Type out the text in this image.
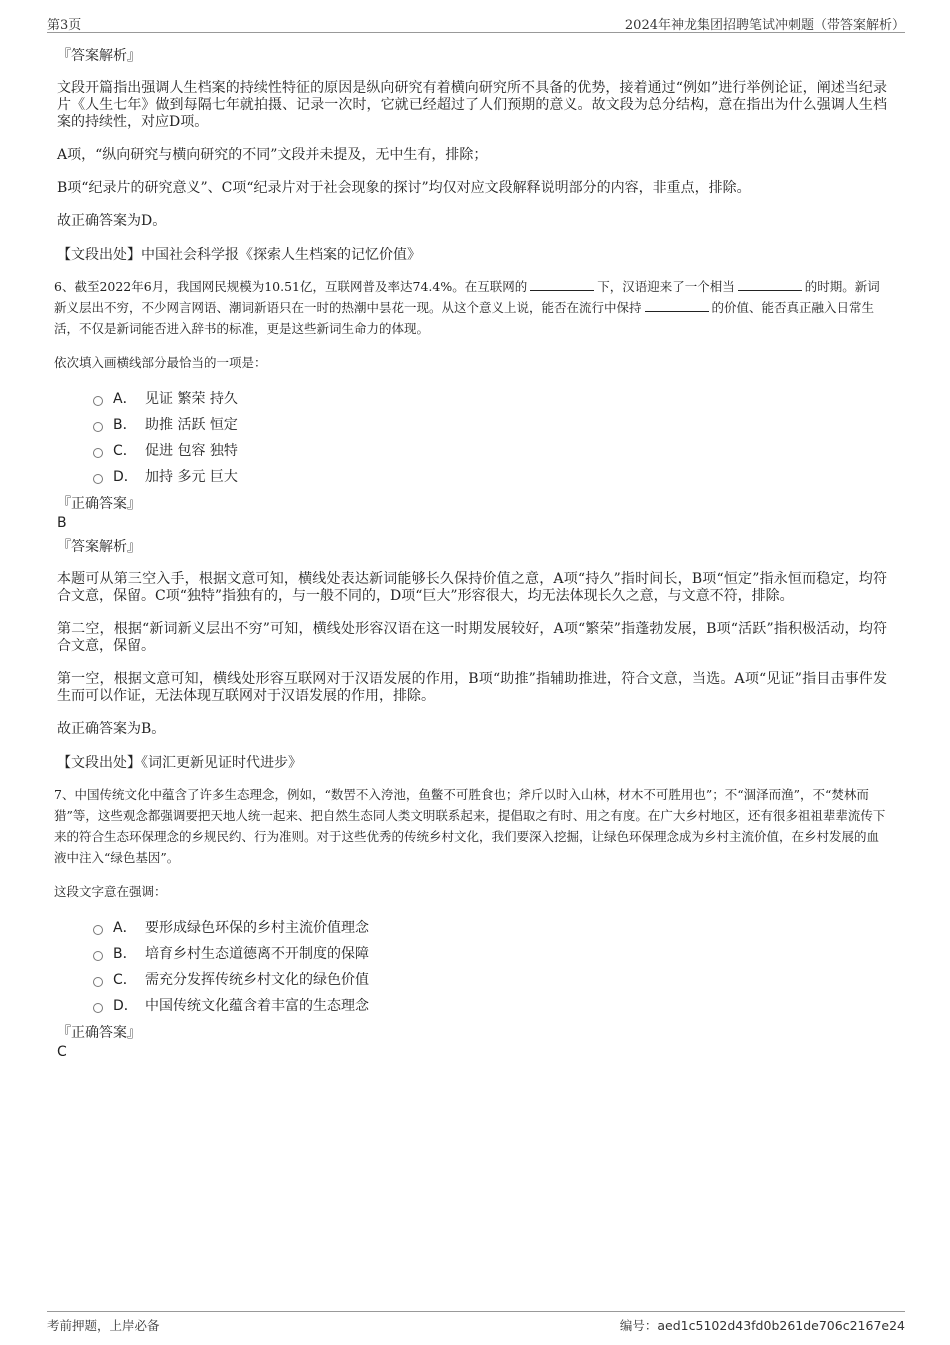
第3页	2024年神龙集团招聘笔试冲刺题（带答案解析）
『答案解析』

文段开篇指出强调人生档案的持续性特征的原因是纵向研究有着横向研究所不具备的优势，接着通过“例如”进行举例论证，阐述当纪录片《人生七年》做到每隔七年就拍摄、记录一次时，它就已经超过了人们预期的意义。故文段为总分结构，意在指出为什么强调人生档案的持续性，对应D项。

A项，“纵向研究与横向研究的不同”文段并未提及，无中生有，排除；

B项“纪录片的研究意义”、C项“纪录片对于社会现象的探讨”均仅对应文段解释说明部分的内容，非重点，排除。

故正确答案为D。

【文段出处】中国社会科学报《探索人生档案的记忆价值》

6、截至2022年6月，我国网民规模为10.51亿，互联网普及率达74.4%。在互联网的	下，汉语迎来了一个相当	的时期。新词新义层出不穷，不少网言网语、潮词新语只在一时的热潮中昙花一现。从这个意义上说，能否在流行中保持	的价值、能否真正融入日常生活，不仅是新词能否进入辞书的标准，更是这些新词生命力的体现。

依次填入画横线部分最恰当的一项是：

A． 见证 繁荣 持久
B． 助推 活跃 恒定
C． 促进 包容 独特
D． 加持 多元 巨大
『正确答案』
B
『答案解析』

本题可从第三空入手，根据文意可知，横线处表达新词能够长久保持价值之意，A项“持久”指时间长，B项“恒定”指永恒而稳定，均符合文意，保留。C项“独特”指独有的，与一般不同的，D项“巨大”形容很大，均无法体现长久之意，与文意不符，排除。

第二空，根据“新词新义层出不穷”可知，横线处形容汉语在这一时期发展较好，A项“繁荣”指蓬勃发展，B项“活跃”指积极活动，均符合文意，保留。

第一空，根据文意可知，横线处形容互联网对于汉语发展的作用，B项“助推”指辅助推进，符合文意，当选。A项“见证”指目击事件发生而可以作证，无法体现互联网对于汉语发展的作用，排除。

故正确答案为B。

【文段出处】《词汇更新见证时代进步》

7、中国传统文化中蕴含了许多生态理念，例如，“数罟不入洿池，鱼鳖不可胜食也；斧斤以时入山林，材木不可胜用也”；不“涸泽而渔”，不“焚林而猎”等，这些观念都强调要把天地人统一起来、把自然生态同人类文明联系起来，提倡取之有时、用之有度。在广大乡村地区，还有很多祖祖辈辈流传下来的符合生态环保理念的乡规民约、行为准则。对于这些优秀的传统乡村文化，我们要深入挖掘，让绿色环保理念成为乡村主流价值，在乡村发展的血液中注入“绿色基因”。

这段文字意在强调：

A． 要形成绿色环保的乡村主流价值理念
B． 培育乡村生态道德离不开制度的保障
C． 需充分发挥传统乡村文化的绿色价值
D． 中国传统文化蕴含着丰富的生态理念
『正确答案』
C
考前押题，上岸必备	编号：aed1c5102d43fd0b261de706c2167e24
